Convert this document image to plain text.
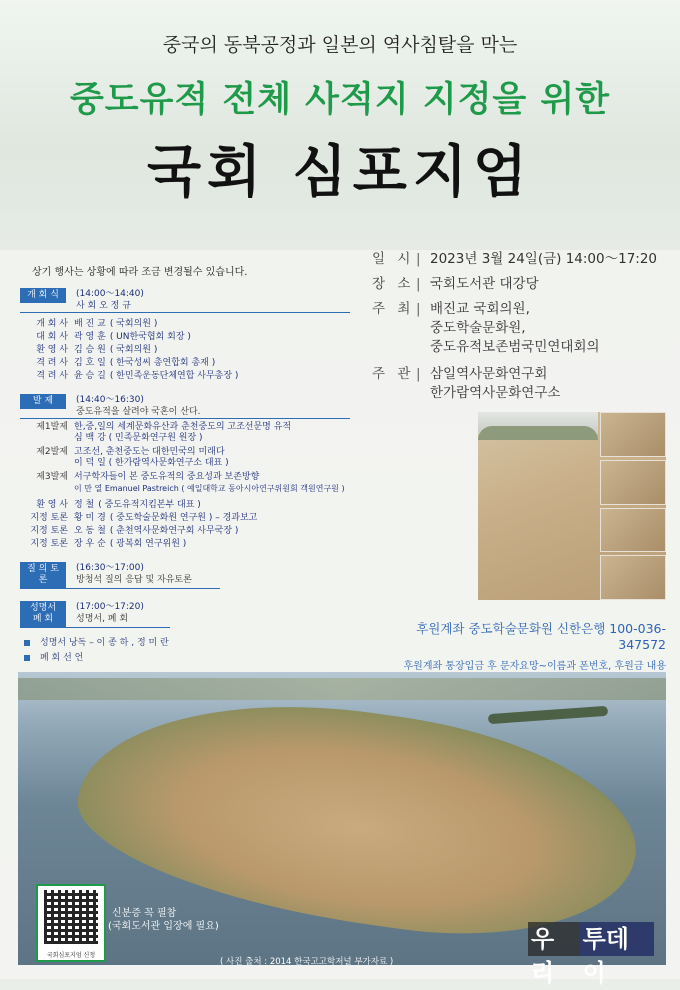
중국의 동북공정과 일본의 역사침탈을 막는
중도유적 전체 사적지 지정을 위한
국회 심포지엄
일 시 | 2023년 3월 24일(금) 14:00～17:20
장 소 | 국회도서관 대강당
주 최 | 배진교 국회의원,
중도학술문화원,
중도유적보존범국민연대회의
주 관 | 삼일역사문화연구회
한가람역사문화연구소
상기 행사는 상황에 따라 조금 변경될수 있습니다.
개 회 식	(14:00～14:40)
사 회 오 정 규
개 회 사 배 진 교 ( 국회의원 )
대 회 사 곽 영 훈 ( UN한국협회 회장 )
환 영 사 김 승 원 ( 국회의원 )
격 려 사 김 호 일 ( 한국성씨 총연합회 총재 )
격 려 사 윤 승 길 ( 한민족운동단체연합 사무총장 )
발 제	(14:40～16:30)
중도유적을 살려야 국혼이 산다.
제1발제 한,중,일의 세계문화유산과 춘천중도의 고조선문명 유적
심 백 강 ( 민족문화연구원 원장 )
제2발제 고조선, 춘천중도는 대한민국의 미래다
이 덕 일 ( 한가람역사문화연구소 대표 )
제3발제 서구학자들이 본 중도유적의 중요성과 보존방향
이 만 열 Emanuel Pastreich ( 예일대학교 동아시아연구위원회 객원연구원 )
환 영 사 정 철 ( 중도유적지킴본부 대표 )
지정 토론 황 미 경 ( 중도학술문화원 연구원 ) – 경과보고
지정 토론 오 동 철 ( 춘천역사문화연구회 사무국장 )
지정 토론 장 우 순 ( 광복회 연구위원 )
질 의 토 론
(16:30～17:00)
방청석 질의 응답 및 자유토론
성명서 폐 회
(17:00～17:20)
성명서, 폐 회
성명서 낭독 – 이 종 하 , 정 미 란
폐 회 선 언
후원계좌 중도학술문화원 신한은행 100-036-347572
후원계좌 통장입금 후 문자요망~이름과 폰번호, 후원금 내용
국회심포지엄 신청
신분증 꼭 필참
(국회도서관 입장에 필요)
( 사진 출처 : 2014 한국고고학저널 부가자료 )
우리
투데이
